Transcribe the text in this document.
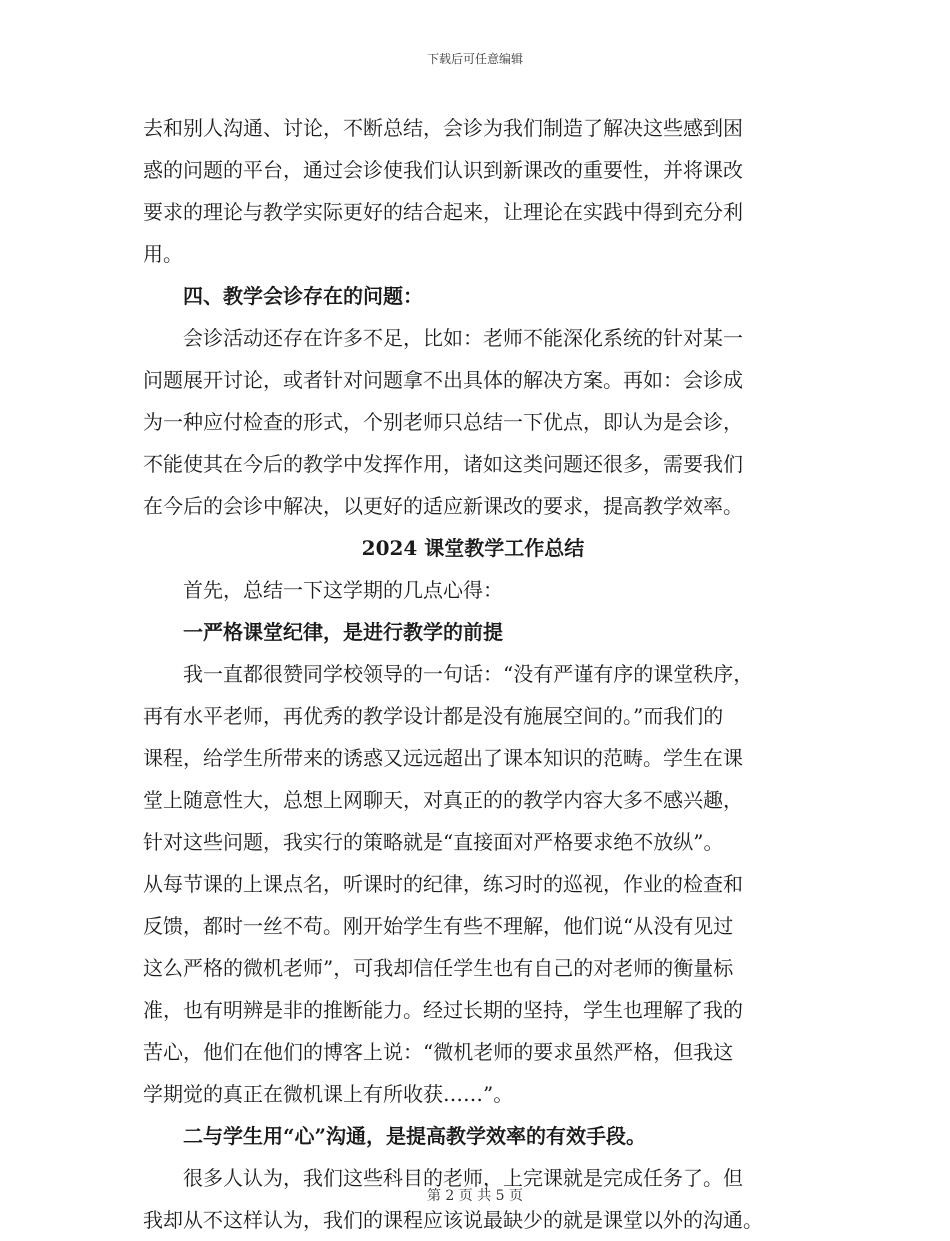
下载后可任意编辑
去和别人沟通、讨论，不断总结，会诊为我们制造了解决这些感到困
惑的问题的平台，通过会诊使我们认识到新课改的重要性，并将课改
要求的理论与教学实际更好的结合起来，让理论在实践中得到充分利
用。
四、教学会诊存在的问题：
会诊活动还存在许多不足，比如：老师不能深化系统的针对某一
问题展开讨论，或者针对问题拿不出具体的解决方案。再如：会诊成
为一种应付检查的形式，个别老师只总结一下优点，即认为是会诊，
不能使其在今后的教学中发挥作用，诸如这类问题还很多，需要我们
在今后的会诊中解决，以更好的适应新课改的要求，提高教学效率。
2024 课堂教学工作总结
首先，总结一下这学期的几点心得：
一严格课堂纪律，是进行教学的前提
我一直都很赞同学校领导的一句话：“没有严谨有序的课堂秩序，
再有水平老师，再优秀的教学设计都是没有施展空间的。”而我们的
课程，给学生所带来的诱惑又远远超出了课本知识的范畴。学生在课
堂上随意性大，总想上网聊天，对真正的的教学内容大多不感兴趣，
针对这些问题，我实行的策略就是“直接面对严格要求绝不放纵”。
从每节课的上课点名，听课时的纪律，练习时的巡视，作业的检查和
反馈，都时一丝不苟。刚开始学生有些不理解，他们说“从没有见过
这么严格的微机老师”，可我却信任学生也有自己的对老师的衡量标
准，也有明辨是非的推断能力。经过长期的坚持，学生也理解了我的
苦心，他们在他们的博客上说：“微机老师的要求虽然严格，但我这
学期觉的真正在微机课上有所收获……”。
二与学生用“心”沟通，是提高教学效率的有效手段。
很多人认为，我们这些科目的老师，上完课就是完成任务了。但
我却从不这样认为，我们的课程应该说最缺少的就是课堂以外的沟通。
第 2 页 共 5 页
